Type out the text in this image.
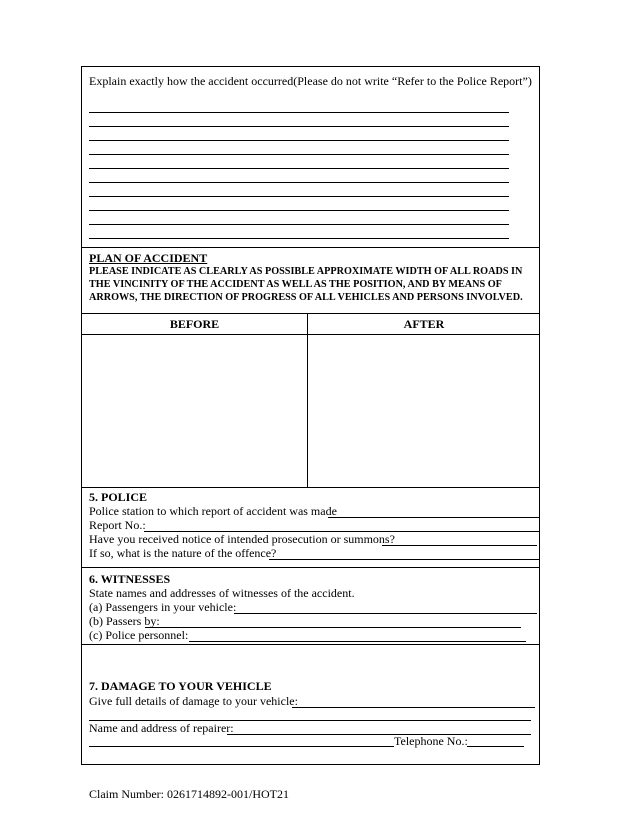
Explain exactly how the accident occurred(Please do not write “Refer to the Police Report”)
PLAN OF ACCIDENT
PLEASE INDICATE AS CLEARLY AS POSSIBLE APPROXIMATE WIDTH OF ALL ROADS IN
THE VINCINITY OF THE ACCIDENT AS WELL AS THE POSITION, AND BY MEANS OF
ARROWS, THE DIRECTION OF PROGRESS OF ALL VEHICLES AND PERSONS INVOLVED.
BEFORE	AFTER
5. POLICE
Police station to which report of accident was made
Report No.:
Have you received notice of intended prosecution or summons?
If so, what is the nature of the offence?
6. WITNESSES
State names and addresses of witnesses of the accident.
(a) Passengers in your vehicle:
(b) Passers by:
(c) Police personnel:
7. DAMAGE TO YOUR VEHICLE
Give full details of damage to your vehicle:
Name and address of repairer:
Telephone No.:
Claim Number: 0261714892-001/HOT21
